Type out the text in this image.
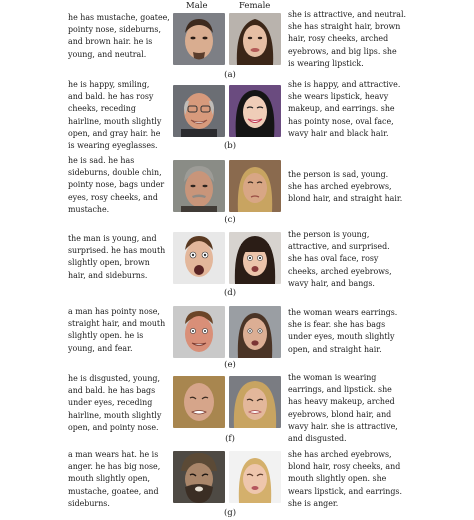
Male	Female
he has mustache, goatee,
pointy nose, sideburns,
and brown hair. he is
young, and neutral.
she is attractive, and neutral.
she has straight hair, brown
hair, rosy cheeks, arched
eyebrows, and big lips. she
is wearing lipstick.
(a)
he is happy, smiling,
and bald. he has rosy
cheeks, receding
hairline, mouth slightly
open, and gray hair. he
is wearing eyeglasses.
she is happy, and attractive.
she wears lipstick, heavy
makeup, and earrings. she
has pointy nose, oval face,
wavy hair and black hair.
(b)
he is sad. he has
sideburns, double chin,
pointy nose, bags under
eyes, rosy cheeks, and
mustache.
the person is sad, young.
she has arched eyebrows,
blond hair, and straight hair.
(c)
the man is young, and
surprised. he has mouth
slightly open, brown
hair, and sideburns.
the person is young,
attractive, and surprised.
she has oval face, rosy
cheeks, arched eyebrows,
wavy hair, and bangs.
(d)
a man has pointy nose,
straight hair, and mouth
slightly open. he is
young, and fear.
the woman wears earrings.
she is fear. she has bags
under eyes, mouth slightly
open, and straight hair.
(e)
he is disgusted, young,
and bald. he has bags
under eyes, receding
hairline, mouth slightly
open, and pointy nose.
the woman is wearing
earrings, and lipstick. she
has heavy makeup, arched
eyebrows, blond hair, and
wavy hair. she is attractive,
and disgusted.
(f)
a man wears hat. he is
anger. he has big nose,
mouth slightly open,
mustache, goatee, and
sideburns.
she has arched eyebrows,
blond hair, rosy cheeks, and
mouth slightly open. she
wears lipstick, and earrings.
she is anger.
(g)
